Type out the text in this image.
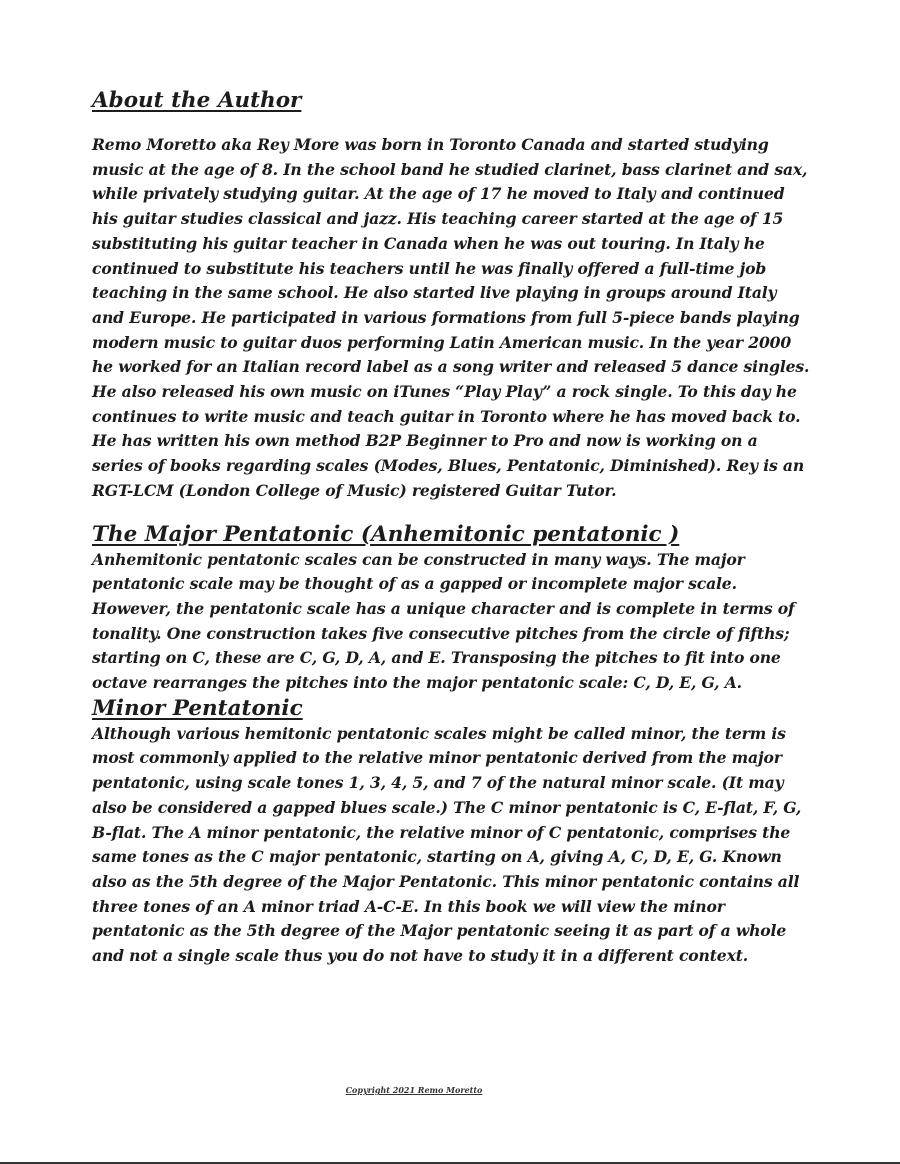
About the Author

Remo Moretto aka Rey More was born in Toronto Canada and started studying music at the age of 8. In the school band he studied clarinet, bass clarinet and sax, while privately studying guitar. At the age of 17 he moved to Italy and continued his guitar studies classical and jazz. His teaching career started at the age of 15 substituting his guitar teacher in Canada when he was out touring. In Italy he continued to substitute his teachers until he was finally offered a full-time job teaching in the same school. He also started live playing in groups around Italy and Europe. He participated in various formations from full 5-piece bands playing modern music to guitar duos performing Latin American music. In the year 2000 he worked for an Italian record label as a song writer and released 5 dance singles. He also released his own music on iTunes “Play Play” a rock single. To this day he continues to write music and teach guitar in Toronto where he has moved back to. He has written his own method B2P Beginner to Pro and now is working on a series of books regarding scales (Modes, Blues, Pentatonic, Diminished). Rey is an RGT-LCM (London College of Music) registered Guitar Tutor.

The Major Pentatonic (Anhemitonic pentatonic )

Anhemitonic pentatonic scales can be constructed in many ways. The major pentatonic scale may be thought of as a gapped or incomplete major scale. However, the pentatonic scale has a unique character and is complete in terms of tonality. One construction takes five consecutive pitches from the circle of fifths; starting on C, these are C, G, D, A, and E. Transposing the pitches to fit into one octave rearranges the pitches into the major pentatonic scale: C, D, E, G, A.

Minor Pentatonic

Although various hemitonic pentatonic scales might be called minor, the term is most commonly applied to the relative minor pentatonic derived from the major pentatonic, using scale tones 1, 3, 4, 5, and 7 of the natural minor scale. (It may also be considered a gapped blues scale.) The C minor pentatonic is C, E-flat, F, G, B-flat. The A minor pentatonic, the relative minor of C pentatonic, comprises the same tones as the C major pentatonic, starting on A, giving A, C, D, E, G. Known also as the 5th degree of the Major Pentatonic. This minor pentatonic contains all three tones of an A minor triad A-C-E. In this book we will view the minor pentatonic as the 5th degree of the Major pentatonic seeing it as part of a whole and not a single scale thus you do not have to study it in a different context.

Copyright 2021 Remo Moretto
